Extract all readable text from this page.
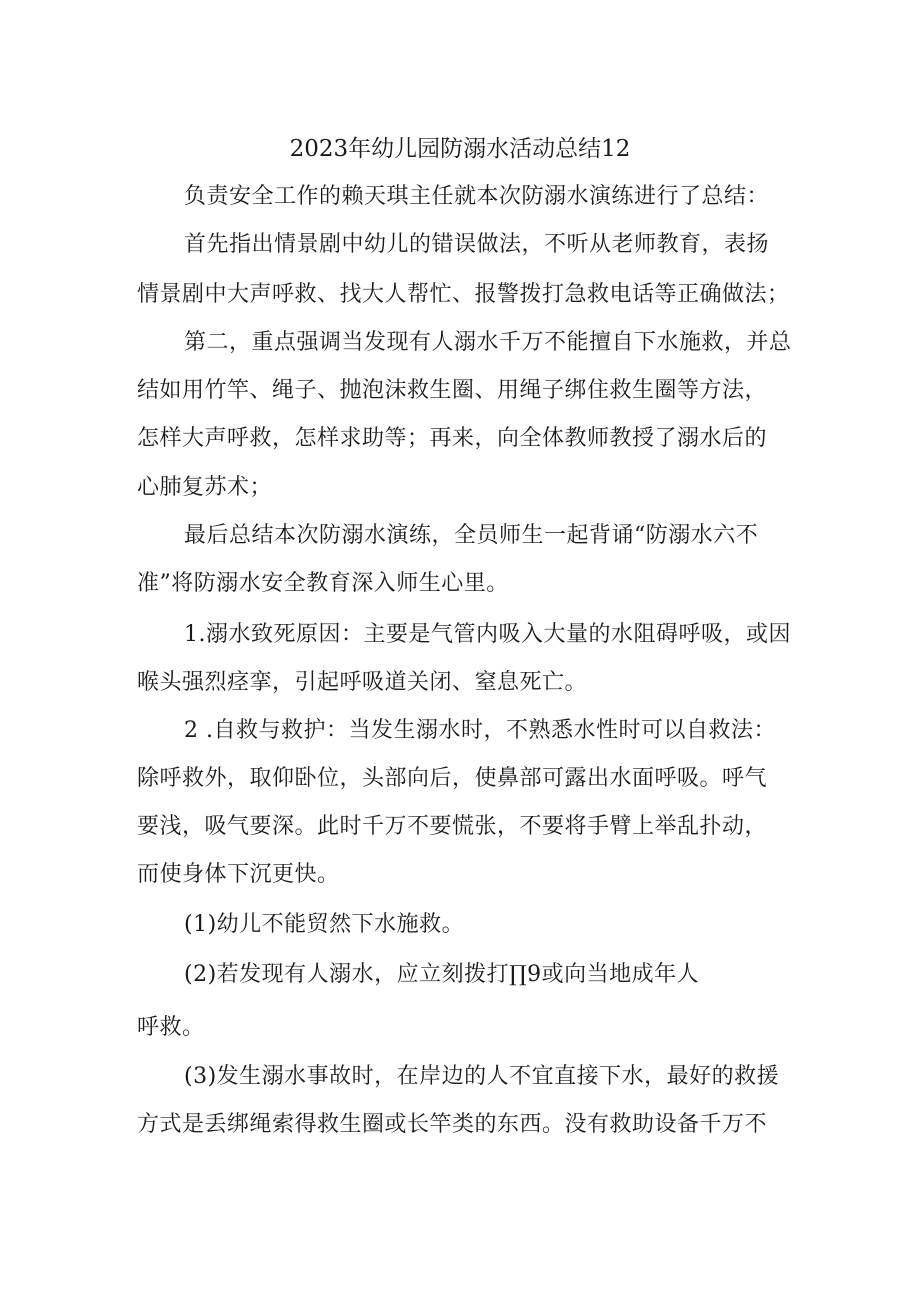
2023年幼儿园防溺水活动总结12
负责安全工作的赖天琪主任就本次防溺水演练进行了总结：
首先指出情景剧中幼儿的错误做法，不听从老师教育，表扬
情景剧中大声呼救、找大人帮忙、报警拨打急救电话等正确做法；
第二，重点强调当发现有人溺水千万不能擅自下水施救，并总
结如用竹竿、绳子、抛泡沫救生圈、用绳子绑住救生圈等方法，
怎样大声呼救，怎样求助等；再来，向全体教师教授了溺水后的
心肺复苏术；
最后总结本次防溺水演练，全员师生一起背诵“防溺水六不
准”将防溺水安全教育深入师生心里。
1.溺水致死原因：主要是气管内吸入大量的水阻碍呼吸，或因
喉头强烈痉挛，引起呼吸道关闭、窒息死亡。
2 .自救与救护：当发生溺水时，不熟悉水性时可以自救法：
除呼救外，取仰卧位，头部向后，使鼻部可露出水面呼吸。呼气
要浅，吸气要深。此时千万不要慌张，不要将手臂上举乱扑动，
而使身体下沉更快。
(1)幼儿不能贸然下水施救。
(2)若发现有人溺水，应立刻拨打∏9或向当地成年人
呼救。
(3)发生溺水事故时，在岸边的人不宜直接下水，最好的救援
方式是丢绑绳索得救生圈或长竿类的东西。没有救助设备千万不
